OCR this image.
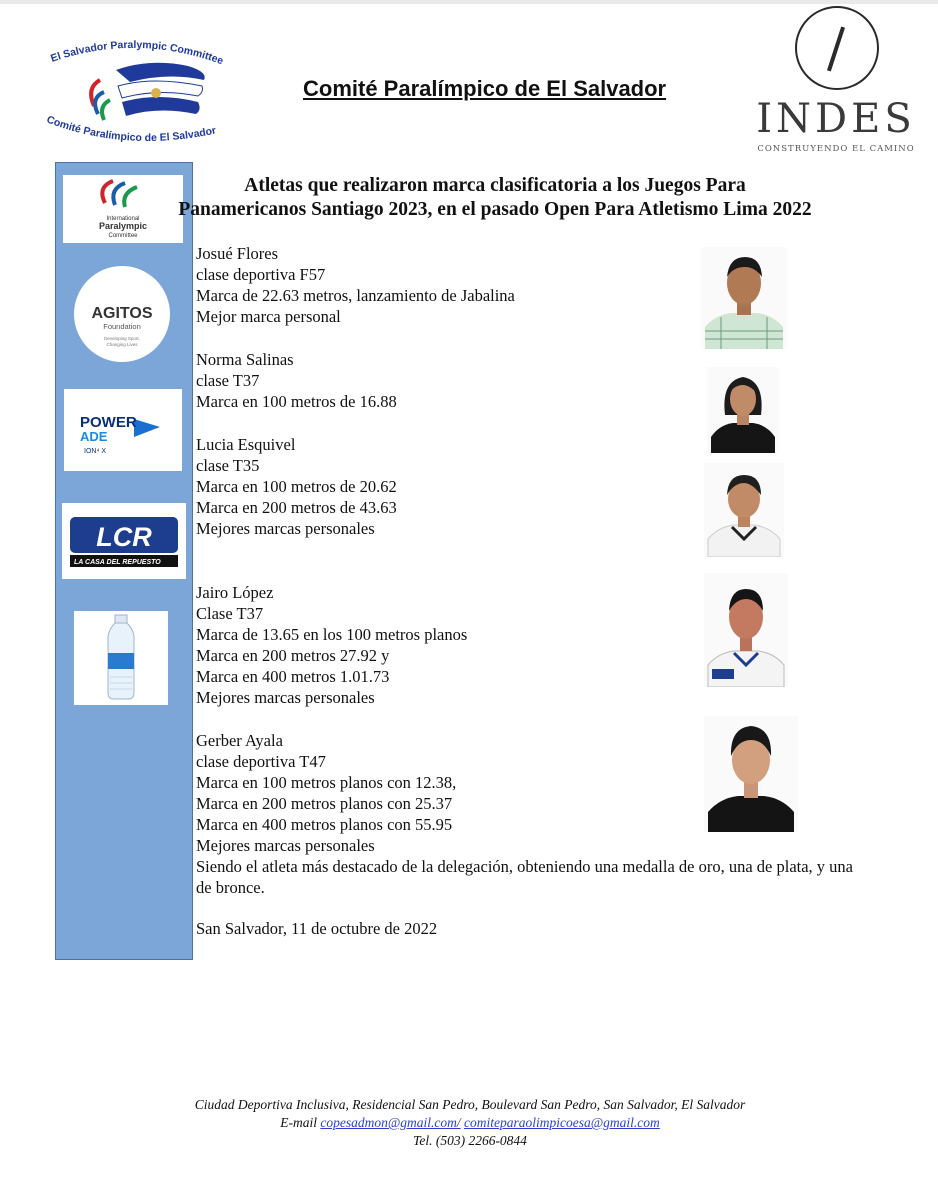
El Salvador Paralympic Committee
Comité Paralímpico de El Salvador
Comité Paralímpico de El Salvador
INDES
CONSTRUYENDO EL CAMINO
International
Paralympic
Committee
AGITOS
Foundation
Developing Sport,
Changing Lives
POWER
ADE
ION⁴ X
LCR
LA CASA DEL REPUESTO
Atletas que realizaron marca clasificatoria a los Juegos Para
Panamericanos Santiago 2023, en el pasado Open Para Atletismo Lima 2022
Josué Flores
clase deportiva F57
Marca de 22.63 metros, lanzamiento de Jabalina
Mejor marca personal
Norma Salinas
clase T37
Marca en 100 metros de 16.88
Lucia Esquivel
clase T35
Marca en 100 metros de 20.62
Marca en 200 metros de 43.63
Mejores marcas personales
Jairo López
Clase T37
Marca de 13.65 en los 100 metros planos
Marca en 200 metros 27.92 y
Marca en 400 metros 1.01.73
Mejores marcas personales
Gerber Ayala
clase deportiva T47
Marca en 100 metros planos con 12.38,
Marca en 200 metros planos con 25.37
Marca en 400 metros planos con 55.95
Mejores marcas personales
Siendo el atleta más destacado de la delegación, obteniendo una medalla de oro, una de plata, y una de bronce.
San Salvador, 11 de octubre de 2022
Ciudad Deportiva Inclusiva, Residencial San Pedro, Boulevard San Pedro, San Salvador, El Salvador
E-mail copesadmon@gmail.com/ comiteparaolimpicoesa@gmail.com
Tel. (503) 2266-0844
